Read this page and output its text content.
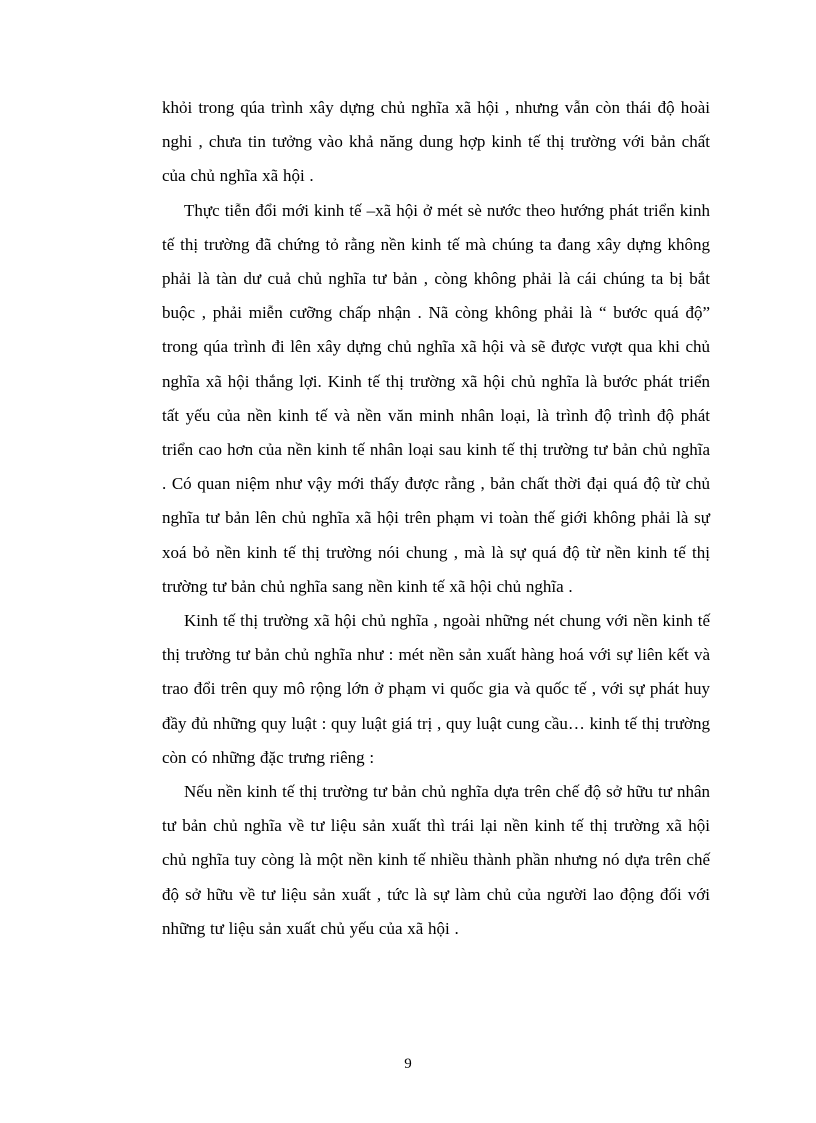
khỏi trong qúa trình xây dựng chủ nghĩa xã hội , nhưng vẫn còn thái độ hoài nghi , chưa tin tưởng vào khả năng dung hợp kinh tế thị trường với bản chất của chủ nghĩa xã hội .

Thực tiễn đổi mới kinh tế –xã hội ở mét sè nước theo hướng phát triển kinh tế thị trường đã chứng tỏ rằng nền kinh tế mà chúng ta đang xây dựng không phải là tàn dư cuả chủ nghĩa tư bản , còng không phải là cái chúng ta bị bắt buộc , phải miễn cưỡng chấp nhận . Nã còng không phải là “ bước quá độ” trong qúa trình đi lên xây dựng chủ nghĩa xã hội và sẽ được vượt qua khi chủ nghĩa xã hội thắng lợi. Kinh tế thị trường xã hội chủ nghĩa là bước phát triển tất yếu của nền kinh tế và nền văn minh nhân loại, là trình độ trình độ phát triển cao hơn của nền kinh tế nhân loại sau kinh tế thị trường tư bản chủ nghĩa . Có quan niệm như vậy mới thấy được rằng , bản chất thời đại quá độ từ chủ nghĩa tư bản lên chủ nghĩa xã hội trên phạm vi toàn thế giới không phải là sự xoá bỏ nền kinh tế thị trường nói chung , mà là sự quá độ từ nền kinh tế thị trường tư bản chủ nghĩa sang nền kinh tế xã hội chủ nghĩa .

Kinh tế thị trường xã hội chủ nghĩa , ngoài những nét chung với nền kinh tế thị trường tư bản chủ nghĩa như : mét nền sản xuất hàng hoá với sự liên kết và trao đổi trên quy mô rộng lớn ở phạm vi quốc gia và quốc tế , với sự phát huy đầy đủ những quy luật : quy luật giá trị , quy luật cung cầu… kinh tế thị trường còn có những đặc trưng riêng :

Nếu nền kinh tế thị trường tư bản chủ nghĩa dựa trên chế độ sở hữu tư nhân tư bản chủ nghĩa về tư liệu sản xuất thì trái lại nền kinh tế thị trường xã hội chủ nghĩa tuy còng là một nền kinh tế nhiều thành phần nhưng nó dựa trên chế độ sở hữu về tư liệu sản xuất , tức là sự làm chủ của người lao động đối với những tư liệu sản xuất chủ yếu của xã hội .

9
